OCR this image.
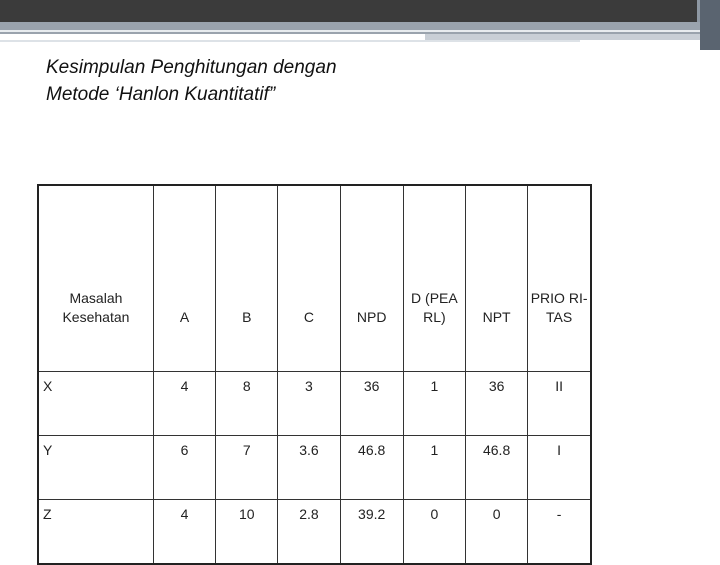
Kesimpulan Penghitungan dengan
Metode ‘Hanlon Kuantitatif”
Masalah Kesehatan	A	B	C	NPD	D (PEA RL)	NPT	PRIO RI- TAS
X	4	8	3	36	1	36	II
Y	6	7	3.6	46.8	1	46.8	I
Z	4	10	2.8	39.2	0	0	-
